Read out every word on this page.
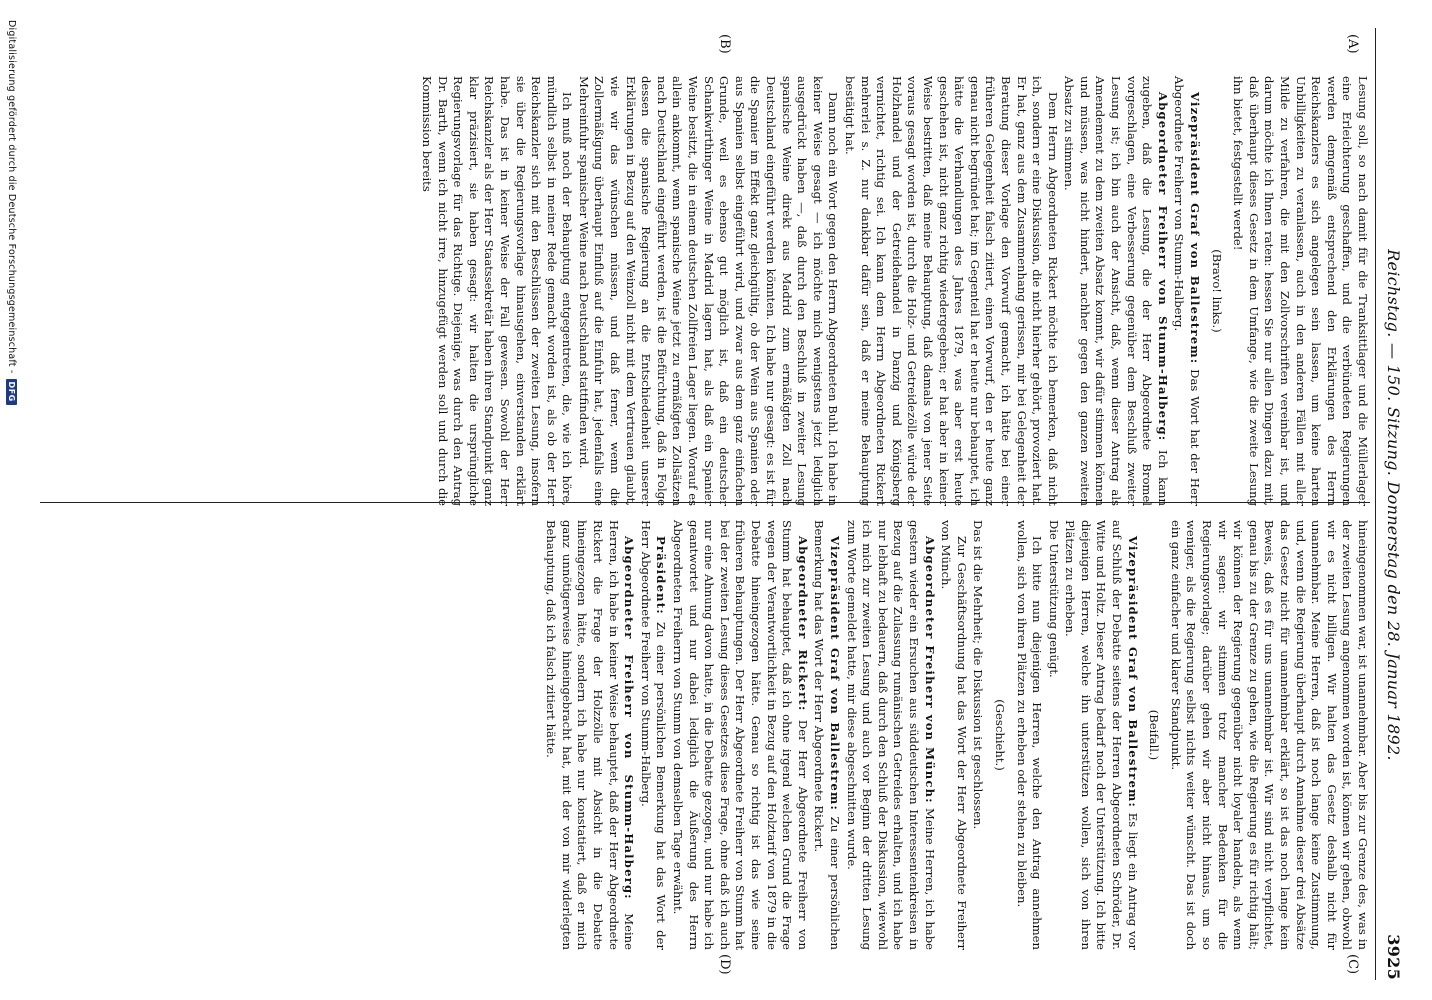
Reichstag. — 150. Sitzung. Donnerstag den 28. Januar 1892.
3925
(A)
(B)
(C)
(D)

Lesung soll, so nach damit für die Tranksittlager und die Müllerlager eine Erleichterung geschaffen, und die verbündeten Regierungen werden demgemäß entsprechend den Erklärungen des Herrn Reichskanzlers es sich angelegen sein lassen, um keine harten Unbilligkeiten zu veranlassen, auch in den anderen Fällen mit aller Milde zu verfahren, die mit den Zollvorschriften vereinbar ist, und darum möchte ich Ihnen raten: hessen Sie nur allen Dingen dazu mit, daß überhaupt dieses Gesetz in dem Umfange, wie die zweite Lesung ihn bietet, festgestellt werde!

(Bravo! links.)

Vizepräsident Graf von Ballestrem: Das Wort hat der Herr Abgeordnete Freiherr von Stumm-Halberg.

Abgeordneter Freiherr von Stumm-Halberg: Ich kann zugeben, daß die Lesung, die der Herr Abgeordnete Bromel vorgeschlagen, eine Verbesserung gegenüber dem Beschluß zweiter Lesung ist; ich bin auch der Ansicht, daß, wenn dieser Antrag als Amendement zu dem zweiten Absatz kommt, wir dafür stimmen können und müssen, was nicht hindert, nachher gegen den ganzen zweiten Absatz zu stimmen.

Dem Herrn Abgeordneten Rickert möchte ich bemerken, daß nicht ich, sondern er eine Diskussion, die nicht hierher gehört, provoziert hat. Er hat, ganz aus dem Zusammenhang gerissen, mir bei Gelegenheit der Beratung dieser Vorlage den Vorwurf gemacht, ich hätte bei einer früheren Gelegenheit falsch zitiert, einen Vorwurf, den er heute ganz genau nicht begründet hat; im Gegenteil hat er heute nur behauptet, ich hätte die Verhandlungen des Jahres 1879, was aber erst heute geschehen ist, nicht ganz richtig wiedergegeben; er hat aber in keiner Weise bestritten, daß meine Behauptung, daß damals von jener Seite voraus gesagt worden ist, durch die Holz- und Getreidezölle würde der Holzhandel und der Getreidehandel in Danzig und Königsberg vernichtet, richtig sei. Ich kann dem Herrn Abgeordneten Rickert mehrerlei s. Z. nur dankbar dafür sein, daß er meine Behauptung bestätigt hat.

Dann noch ein Wort gegen den Herrn Abgeordneten Buhl. Ich habe in keiner Weise gesagt — ich möchte mich wenigstens jetzt lediglich ausgedrückt haben —, daß durch den Beschluß in zweiter Lesung spanische Weine direkt aus Madrid zum ermäßigten Zoll nach Deutschland eingeführt werden könnten. Ich habe nur gesagt: es ist für die Spanier im Effekt ganz gleichgültig, ob der Wein aus Spanien oder aus Spanien selbst eingeführt wird, und zwar aus dem ganz einfachen Grunde, weil es ebenso gut möglich ist, daß ein deutscher Schankwirthinger Weine in Madrid lagern hat, als daß ein Spanier Weine besitzt, die in einem deutschen Zollfreien Lager liegen. Worauf es allein ankommt, wenn spanische Weine jetzt zu ermäßigten Zollsätzen nach Deutschland eingeführt werden, ist die Befürchtung, daß in Folge dessen die spanische Regierung an die Entschiedenheit unserer Erklärungen in Bezug auf den Weinzoll nicht mit dem Vertrauen glaubt, wie wir das wünschen müssen, und daß ferner, wenn die Zollermäßigung überhaupt Einfluß auf die Einfuhr hat, jedenfalls eine Mehreinfuhr spanischer Weine nach Deutschland stattfinden wird.

Ich muß noch der Behauptung entgegentreten, die, wie ich höre, mündlich selbst in meiner Rede gemacht worden ist, als ob der Herr Reichskanzler sich mit den Beschlüssen der zweiten Lesung, insofern sie über die Regierungsvorlage hinausgehen, einverstanden erklärt habe. Das ist in keiner Weise der Fall gewesen. Sowohl der Herr Reichskanzler als der Herr Staatssekretär haben ihren Standpunkt ganz klar präzisiert, sie haben gesagt: wir halten die ursprüngliche Regierungsvorlage für das Richtige. Diejenige, was durch den Antrag Dr. Barth, wenn ich nicht irre, hinzugefügt werden soll und durch die Kommission bereits

hineingenommen war, ist unannehmbar. Aber bis zur Grenze des, was in der zweiten Lesung angenommen worden ist, können wir gehen, obwohl wir es nicht billigen. Wir halten das Gesetz deshalb nicht für unannehmbar. Meine Herren, daß ist noch lange keine Zustimmung, und, wenn die Regierung überhaupt durch Annahme dieser drei Absätze das Gesetz nicht für unannehmbar erklärt, so ist das noch lange kein Beweis, daß es für uns unannehmbar ist. Wir sind nicht verpflichtet, genau bis zu der Grenze zu gehen, wie die Regierung es für richtig hält; wir können der Regierung gegenüber nicht loyaler handeln, als wenn wir sagen: wir stimmen trotz mancher Bedenken für die Regierungsvorlage; darüber gehen wir aber nicht hinaus, um so weniger, als die Regierung selbst nichts weiter wünscht. Das ist doch ein ganz einfacher und klarer Standpunkt.

(Beifall.)

Vizepräsident Graf von Ballestrem: Es liegt ein Antrag vor auf Schluß der Debatte seitens der Herren Abgeordneten Schröder, Dr. Witte und Holtz. Dieser Antrag bedarf noch der Unterstützung. Ich bitte diejenigen Herren, welche ihn unterstützen wollen, sich von ihren Plätzen zu erheben.

Die Unterstützung genügt.

Ich bitte nun diejenigen Herren, welche den Antrag annehmen wollen, sich von ihren Plätzen zu erheben oder stehen zu bleiben.

(Geschieht.)

Das ist die Mehrheit; die Diskussion ist geschlossen.

Zur Geschäftsordnung hat das Wort der Herr Abgeordnete Freiherr von Münch.

Abgeordneter Freiherr von Münch: Meine Herren, ich habe gestern wieder ein Ersuchen aus süddeutschen Interessentenkreisen in Bezug auf die Zulassung rumänischen Getreides erhalten, und ich habe nur lebhaft zu bedauern, daß durch den Schluß der Diskussion, wiewohl ich mich zur zweiten Lesung und auch vor Beginn der dritten Lesung zum Worte gemeldet hatte, mir diese abgeschnitten wurde.

Vizepräsident Graf von Ballestrem: Zu einer persönlichen Bemerkung hat das Wort der Herr Abgeordnete Rickert.

Abgeordneter Rickert: Der Herr Abgeordnete Freiherr von Stumm hat behauptet, daß ich ohne irgend welchen Grund die Frage wegen der Verantwortlichkeit in Bezug auf den Holztarif von 1879 in die Debatte hineingezogen hätte. Genau so richtig ist das wie seine früheren Behauptungen. Der Herr Abgeordnete Freiherr von Stumm hat bei der zweiten Lesung dieses Gesetzes diese Frage, ohne daß ich auch nur eine Ahnung davon hatte, in die Debatte gezogen, und nur habe ich geantwortet und nur dabei lediglich die Äußerung des Herrn Abgeordneten Freiherrn von Stumm von demselben Tage erwähnt.

Präsident: Zu einer persönlichen Bemerkung hat das Wort der Herr Abgeordnete Freiherr von Stumm-Halberg.

Abgeordneter Freiherr von Stumm-Halberg: Meine Herren, ich habe in keiner Weise behauptet, daß der Herr Abgeordnete Rickert die Frage der Holzzölle mit Absicht in die Debatte hineingezogen hätte, sondern ich habe nur konstatiert, daß er mich ganz unnötigerweise hineingebracht hat, mit der von mir widerlegten Behauptung, daß ich falsch zitiert hätte.

Digitalisierung gefördert durch die Deutsche Forschungsgemeinschaft -
DFG
